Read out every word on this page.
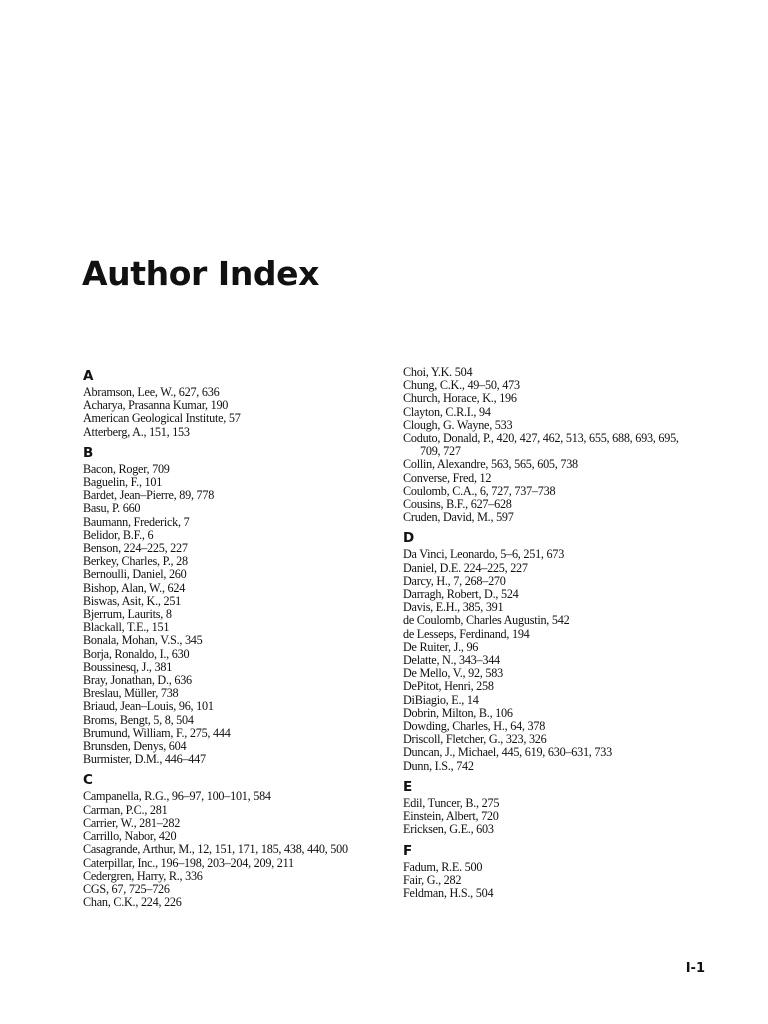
Author Index
A
Abramson, Lee, W., 627, 636
Acharya, Prasanna Kumar, 190
American Geological Institute, 57
Atterberg, A., 151, 153
B
Bacon, Roger, 709
Baguelin, F., 101
Bardet, Jean–Pierre, 89, 778
Basu, P. 660
Baumann, Frederick, 7
Belidor, B.F., 6
Benson, 224–225, 227
Berkey, Charles, P., 28
Bernoulli, Daniel, 260
Bishop, Alan, W., 624
Biswas, Asit, K., 251
Bjerrum, Laurits, 8
Blackall, T.E., 151
Bonala, Mohan, V.S., 345
Borja, Ronaldo, I., 630
Boussinesq, J., 381
Bray, Jonathan, D., 636
Breslau, Müller, 738
Briaud, Jean–Louis, 96, 101
Broms, Bengt, 5, 8, 504
Brumund, William, F., 275, 444
Brunsden, Denys, 604
Burmister, D.M., 446–447
C
Campanella, R.G., 96–97, 100–101, 584
Carman, P.C., 281
Carrier, W., 281–282
Carrillo, Nabor, 420
Casagrande, Arthur, M., 12, 151, 171, 185, 438, 440, 500
Caterpillar, Inc., 196–198, 203–204, 209, 211
Cedergren, Harry, R., 336
CGS, 67, 725–726
Chan, C.K., 224, 226
Choi, Y.K. 504
Chung, C.K., 49–50, 473
Church, Horace, K., 196
Clayton, C.R.I., 94
Clough, G. Wayne, 533
Coduto, Donald, P., 420, 427, 462, 513, 655, 688, 693, 695,
709, 727
Collin, Alexandre, 563, 565, 605, 738
Converse, Fred, 12
Coulomb, C.A., 6, 727, 737–738
Cousins, B.F., 627–628
Cruden, David, M., 597
D
Da Vinci, Leonardo, 5–6, 251, 673
Daniel, D.E. 224–225, 227
Darcy, H., 7, 268–270
Darragh, Robert, D., 524
Davis, E.H., 385, 391
de Coulomb, Charles Augustin, 542
de Lesseps, Ferdinand, 194
De Ruiter, J., 96
Delatte, N., 343–344
De Mello, V., 92, 583
DePitot, Henri, 258
DiBiagio, E., 14
Dobrin, Milton, B., 106
Dowding, Charles, H., 64, 378
Driscoll, Fletcher, G., 323, 326
Duncan, J., Michael, 445, 619, 630–631, 733
Dunn, I.S., 742
E
Edil, Tuncer, B., 275
Einstein, Albert, 720
Ericksen, G.E., 603
F
Fadum, R.E. 500
Fair, G., 282
Feldman, H.S., 504
I-1
